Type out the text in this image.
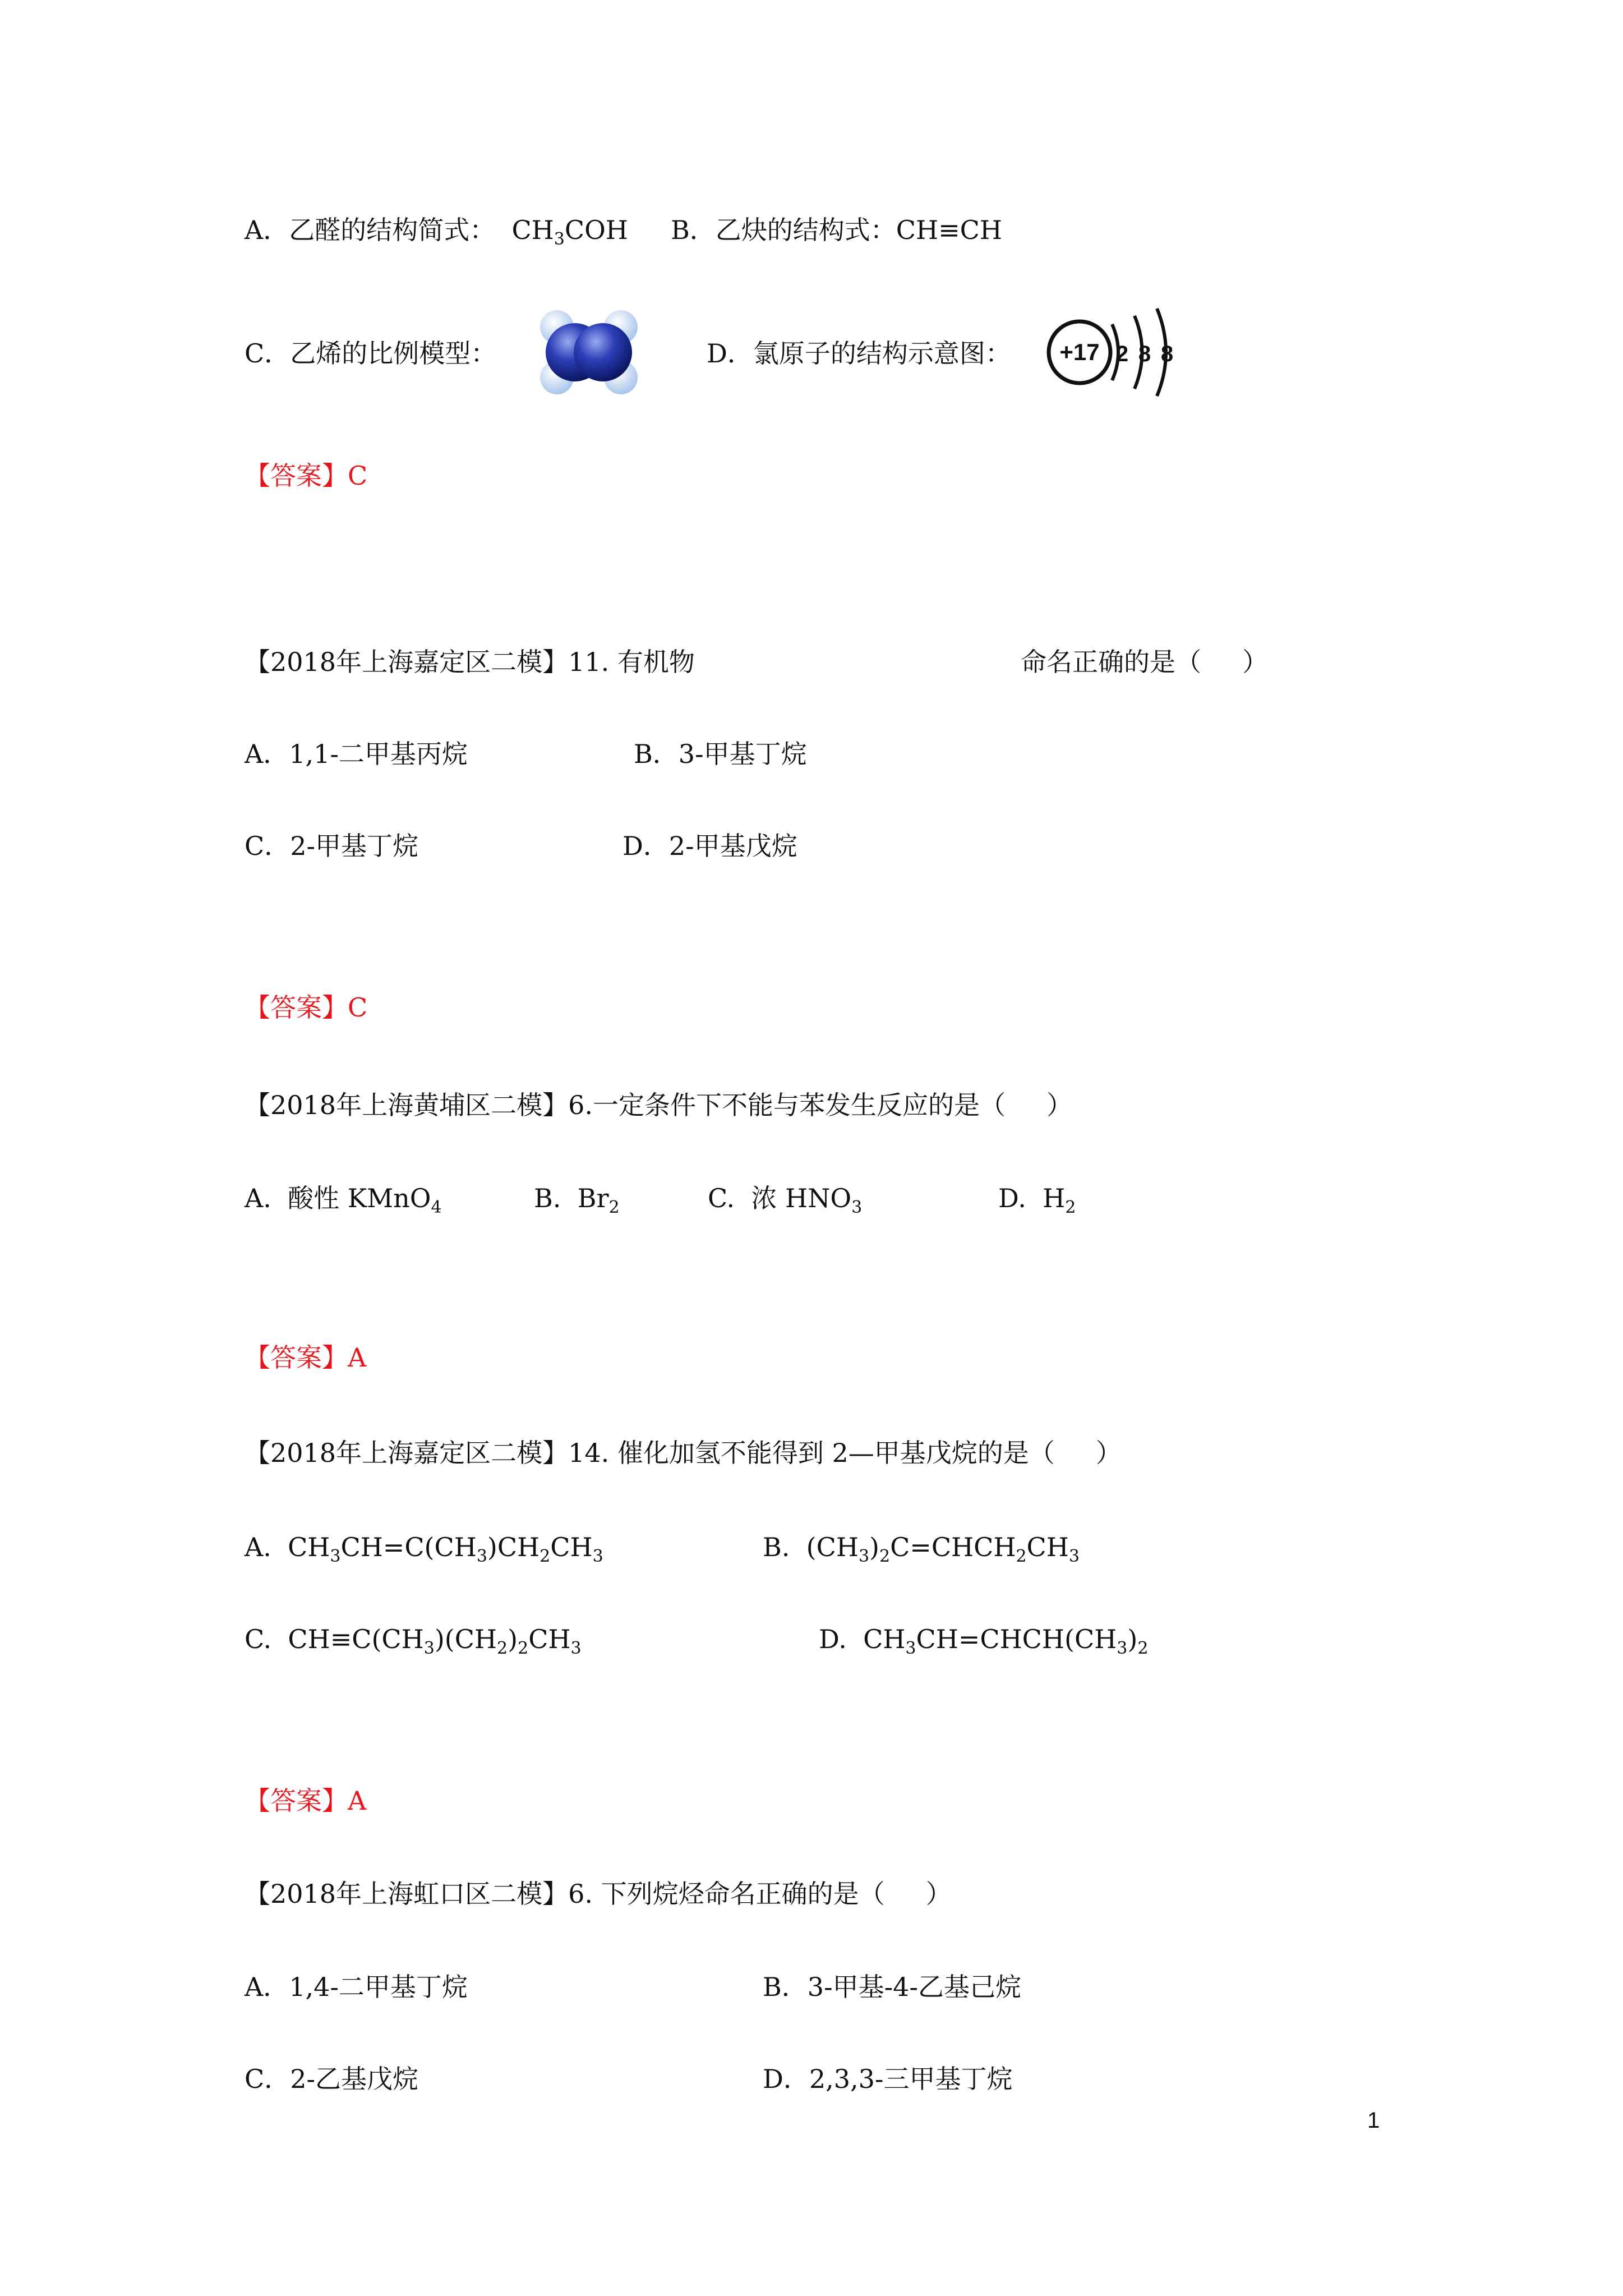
A．乙醛的结构简式：  $CH_3COH$ B．乙炔的结构式：CH≡CH
C．乙烯的比例模型：	D．氯原子的结构示意图： +17 2 8 8
【答案】C
【2018年上海嘉定区二模】11. 有机物	命名正确的是（     ）
A．1,1-二甲基丙烷	B．3-甲基丁烷
C．2-甲基丁烷	D．2-甲基戊烷
【答案】C
【2018年上海黄埔区二模】6.一定条件下不能与苯发生反应的是（     ）
A.  酸性 KMnO$_4$	B.  $Br_2$	C.  浓 $HNO_3$	D.  $H_2$
【答案】A
【2018年上海嘉定区二模】14. 催化加氢不能得到 2—甲基戊烷的是（     ）
A.  $CH_3CH=C(CH_3)CH_2CH_3$	B.  $(CH_3)_2C=CHCH_2CH_3$
C.  $CH\equiv C(CH_3)(CH_2)_2CH_3$	D.  $CH_3CH=CHCH(CH_3)_2$
【答案】A
【2018年上海虹口区二模】6. 下列烷烃命名正确的是（     ）
A．1,4-二甲基丁烷	B．3-甲基-4-乙基己烷
C．2-乙基戊烷	D．2,3,3-三甲基丁烷
1
